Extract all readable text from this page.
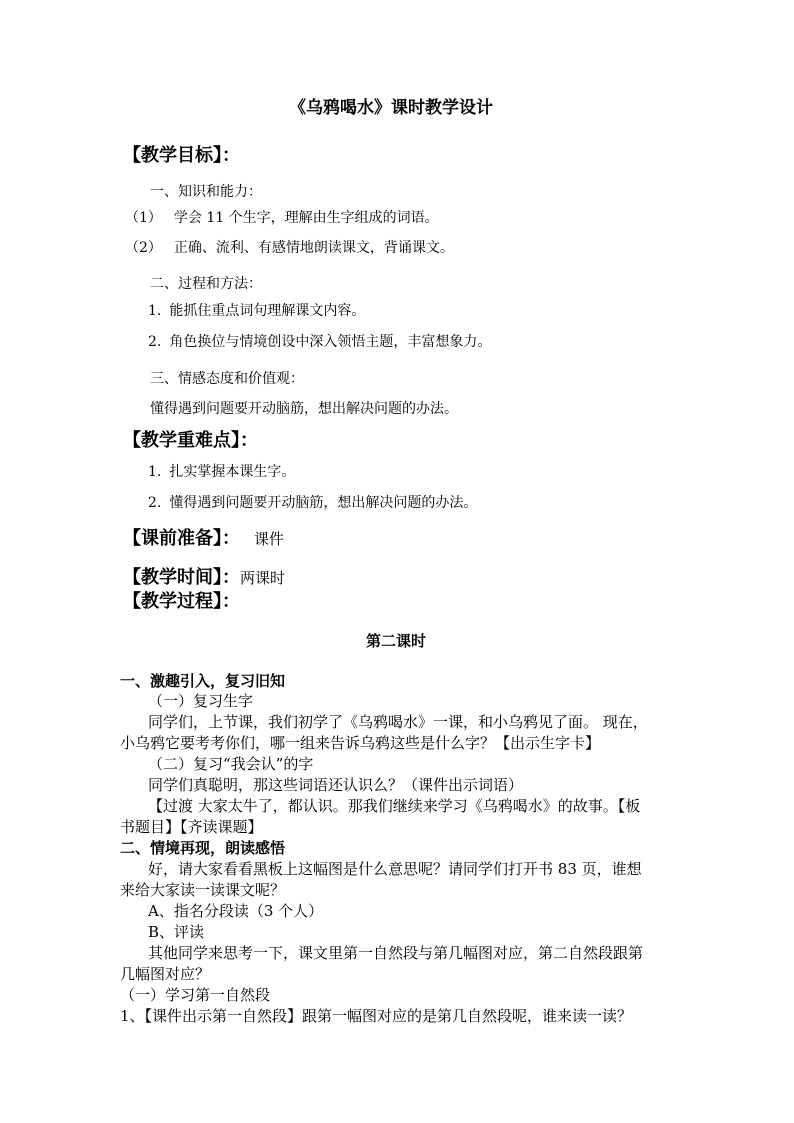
《乌鸦喝水》课时教学设计
【教学目标】：
一、知识和能力：
（1） 学会 11 个生字，理解由生字组成的词语。
（2） 正确、流利、有感情地朗读课文，背诵课文。
二、过程和方法：
1. 能抓住重点词句理解课文内容。
2. 角色换位与情境创设中深入领悟主题，丰富想象力。
三、情感态度和价值观：
懂得遇到问题要开动脑筋，想出解决问题的办法。
【教学重难点】：
1. 扎实掌握本课生字。
2. 懂得遇到问题要开动脑筋，想出解决问题的办法。
【课前准备】： 课件
【教学时间】：两课时
【教学过程】：
第二课时
一、激趣引入，复习旧知
（一）复习生字
同学们，上节课，我们初学了《乌鸦喝水》一课，和小乌鸦见了面。 现在，
小乌鸦它要考考你们，哪一组来告诉乌鸦这些是什么字？【出示生字卡】
（二）复习“我会认”的字
同学们真聪明，那这些词语还认识么？（课件出示词语）
【过渡 大家太牛了，都认识。那我们继续来学习《乌鸦喝水》的故事。【板
书题目】【齐读课题】
二、情境再现，朗读感悟
好，请大家看看黑板上这幅图是什么意思呢？请同学们打开书 83 页，谁想
来给大家读一读课文呢？
A、指名分段读（3 个人）
B、评读
其他同学来思考一下，课文里第一自然段与第几幅图对应，第二自然段跟第
几幅图对应？
（一）学习第一自然段
1、【课件出示第一自然段】跟第一幅图对应的是第几自然段呢，谁来读一读？
